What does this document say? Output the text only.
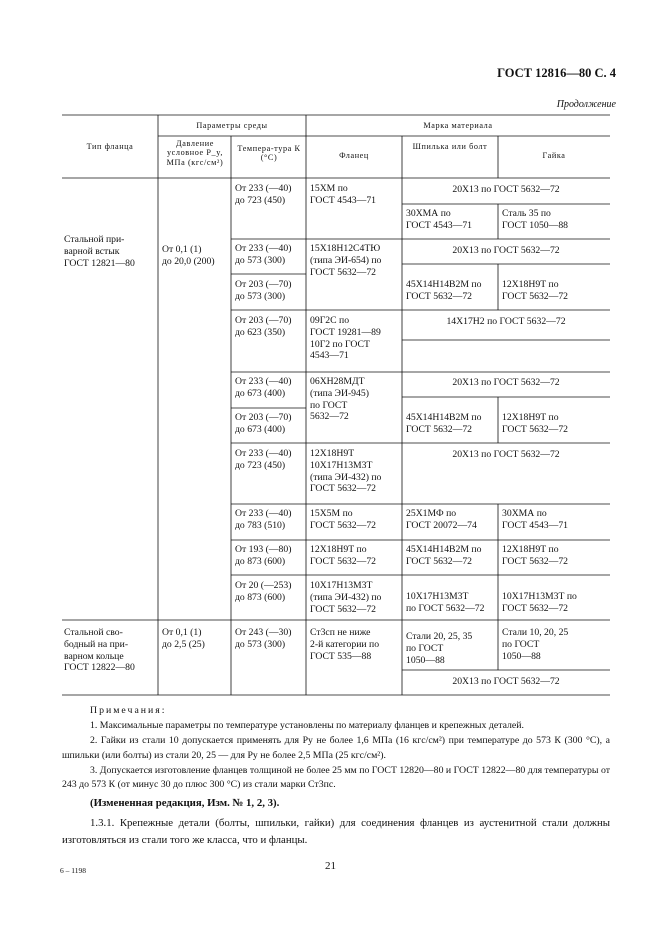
ГОСТ 12816—80 С. 4
Продолжение
Тип фланца
Параметры среды
Давление условное P_y, МПа (кгс/см²)
Темпера-тура К (°С)
Марка материала
Фланец
Шпилька или болт
Гайка
Стальной при-
варной встык
ГОСТ 12821—80
Стальной сво-
бодный на при-
варном кольце
ГОСТ 12822—80
От 0,1 (1)
до 20,0 (200)
От 0,1 (1)
до 2,5 (25)
От 233 (—40)
до 723 (450)
От 233 (—40)
до 573 (300)
От 203 (—70)
до 573 (300)
От 203 (—70)
до 623 (350)
От 233 (—40)
до 673 (400)
От 203 (—70)
до 673 (400)
От 233 (—40)
до 723 (450)
От 233 (—40)
до 783 (510)
От 193 (—80)
до 873 (600)
От 20 (—253)
до 873 (600)
От 243 (—30)
до 573 (300)
15ХМ по
ГОСТ 4543—71
15Х18Н12С4ТЮ
(типа ЭИ-654) по
ГОСТ 5632—72
09Г2С по
ГОСТ 19281—89
10Г2 по ГОСТ
4543—71
06ХН28МДТ
(типа ЭИ-945)
по ГОСТ
5632—72
12Х18Н9Т
10Х17Н13М3Т
(типа ЭИ-432) по
ГОСТ 5632—72
15Х5М по
ГОСТ 5632—72
12Х18Н9Т по
ГОСТ 5632—72
10Х17Н13М3Т
(типа ЭИ-432) по
ГОСТ 5632—72
Ст3сп не ниже
2-й категории по
ГОСТ 535—88
20Х13 по ГОСТ 5632—72
30ХМА по
ГОСТ 4543—71
Сталь 35 по
ГОСТ 1050—88
20Х13 по ГОСТ 5632—72
45Х14Н14В2М по
ГОСТ 5632—72
12Х18Н9Т по
ГОСТ 5632—72
14Х17Н2 по ГОСТ 5632—72
20Х13 по ГОСТ 5632—72
45Х14Н14В2М по
ГОСТ 5632—72
12Х18Н9Т по
ГОСТ 5632—72
20Х13 по ГОСТ 5632—72
25Х1МФ по
ГОСТ 20072—74
30ХМА по
ГОСТ 4543—71
45Х14Н14В2М по
ГОСТ 5632—72
12Х18Н9Т по
ГОСТ 5632—72
10Х17Н13М3Т
по ГОСТ 5632—72
10Х17Н13М3Т по
ГОСТ 5632—72
Стали 20, 25, 35
по ГОСТ
1050—88
Стали 10, 20, 25
по ГОСТ
1050—88
20Х13 по ГОСТ 5632—72
Примечания:
1. Максимальные параметры по температуре установлены по материалу фланцев и крепежных деталей.
2. Гайки из стали 10 допускается применять для Pу не более 1,6 МПа (16 кгс/см²) при температуре до 573 К (300 °С), а шпильки (или болты) из стали 20, 25 — для Pу не более 2,5 МПа (25 кгс/см²).
3. Допускается изготовление фланцев толщиной не более 25 мм по ГОСТ 12820—80 и ГОСТ 12822—80 для температуры от 243 до 573 К (от минус 30 до плюс 300 °С) из стали марки Ст3пс.
(Измененная редакция, Изм. № 1, 2, 3).
1.3.1. Крепежные детали (болты, шпильки, гайки) для соединения фланцев из аустенитной стали должны изготовляться из стали того же класса, что и фланцы.
21
6 – 1198
